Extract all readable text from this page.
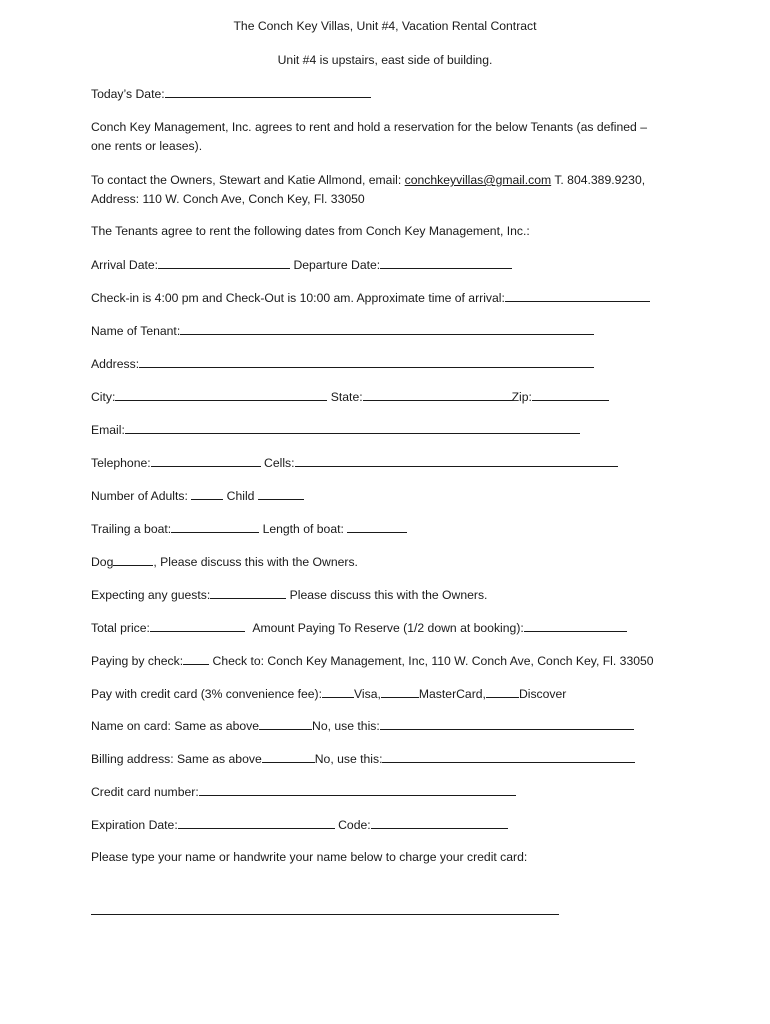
The Conch Key Villas, Unit #4, Vacation Rental Contract
Unit #4 is upstairs, east side of building.
Today’s Date:
Conch Key Management, Inc. agrees to rent and hold a reservation for the below Tenants (as defined –
one rents or leases).
To contact the Owners, Stewart and Katie Allmond, email: conchkeyvillas@gmail.com T. 804.389.9230,
Address: 110 W. Conch Ave, Conch Key, Fl. 33050
The Tenants agree to rent the following dates from Conch Key Management, Inc.:
Arrival Date:	Departure Date:
Check-in is 4:00 pm and Check-Out is 10:00 am. Approximate time of arrival:
Name of Tenant:
Address:
City:	State:	Zip:
Email:
Telephone:	Cells:
Number of Adults:	Child
Trailing a boat:	Length of boat:
Dog	, Please discuss this with the Owners.
Expecting any guests:	Please discuss this with the Owners.
Total price:	Amount Paying To Reserve (1/2 down at booking):
Paying by check: Check to: Conch Key Management, Inc, 110 W. Conch Ave, Conch Key, Fl. 33050
Pay with credit card (3% convenience fee):	Visa,	MasterCard,	Discover
Name on card: Same as above	No, use this:
Billing address: Same as above	No, use this:
Credit card number:
Expiration Date:	Code:
Please type your name or handwrite your name below to charge your credit card:
